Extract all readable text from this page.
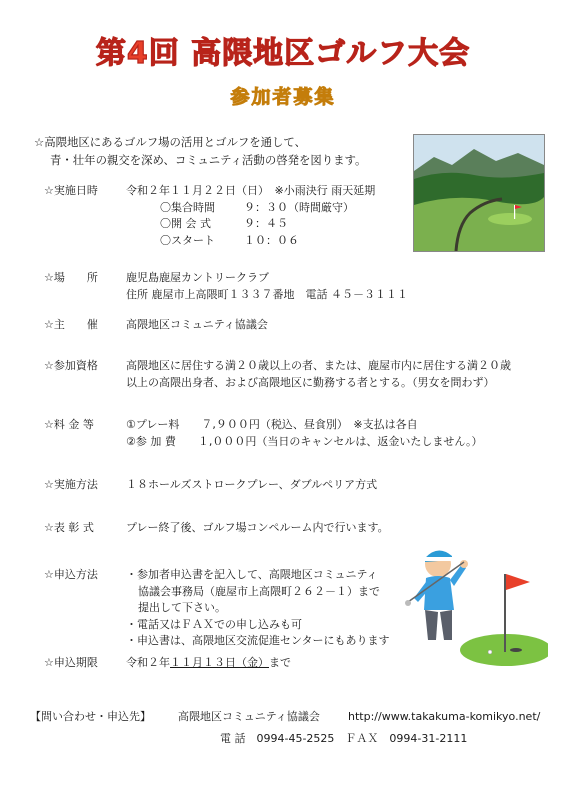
第4回 高隈地区ゴルフ大会
参加者募集
☆高隈地区にあるゴルフ場の活用とゴルフを通して、
青・壮年の親交を深め、コミュニティ活動の啓発を図ります。
☆実施日時	令和２年１１月２２日（日）　※小雨決行 雨天延期
〇集合時間	９：３０（時間厳守）
〇開 会 式	９：４５
〇スタート	１０：０６
☆場　　所	鹿児島鹿屋カントリークラブ
住所 鹿屋市上高隈町１３３７番地　電話 ４５－３１１１
☆主　　催	高隈地区コミュニティ協議会
☆参加資格	高隈地区に居住する満２０歳以上の者、または、鹿屋市内に居住する満２０歳
以上の高隈出身者、および高隈地区に勤務する者とする。（男女を問わず）
☆料 金 等	①プレー料　　７,９００円（税込、昼食別）　※支払は各自
②参 加 費　　１,０００円（当日のキャンセルは、返金いたしません。）
☆実施方法	１８ホールズストロークプレー、ダブルペリア方式
☆表 彰 式	プレー終了後、ゴルフ場コンペルーム内で行います。
☆申込方法
・	参加者申込書を記入して、高隈地区コミュニティ
協議会事務局（鹿屋市上高隈町２６２－１）まで
提出して下さい。
・ 電話又はＦＡＸでの申し込みも可
・ 申込書は、高隈地区交流促進センターにもあります
☆申込期限	令和２年１１月１３日（金）まで
【問い合わせ・申込先】 高隈地区コミュニティ協議会	http://www.takakuma-komikyo.net/
電 話　0994-45-2525　ＦＡＸ　0994-31-2111
